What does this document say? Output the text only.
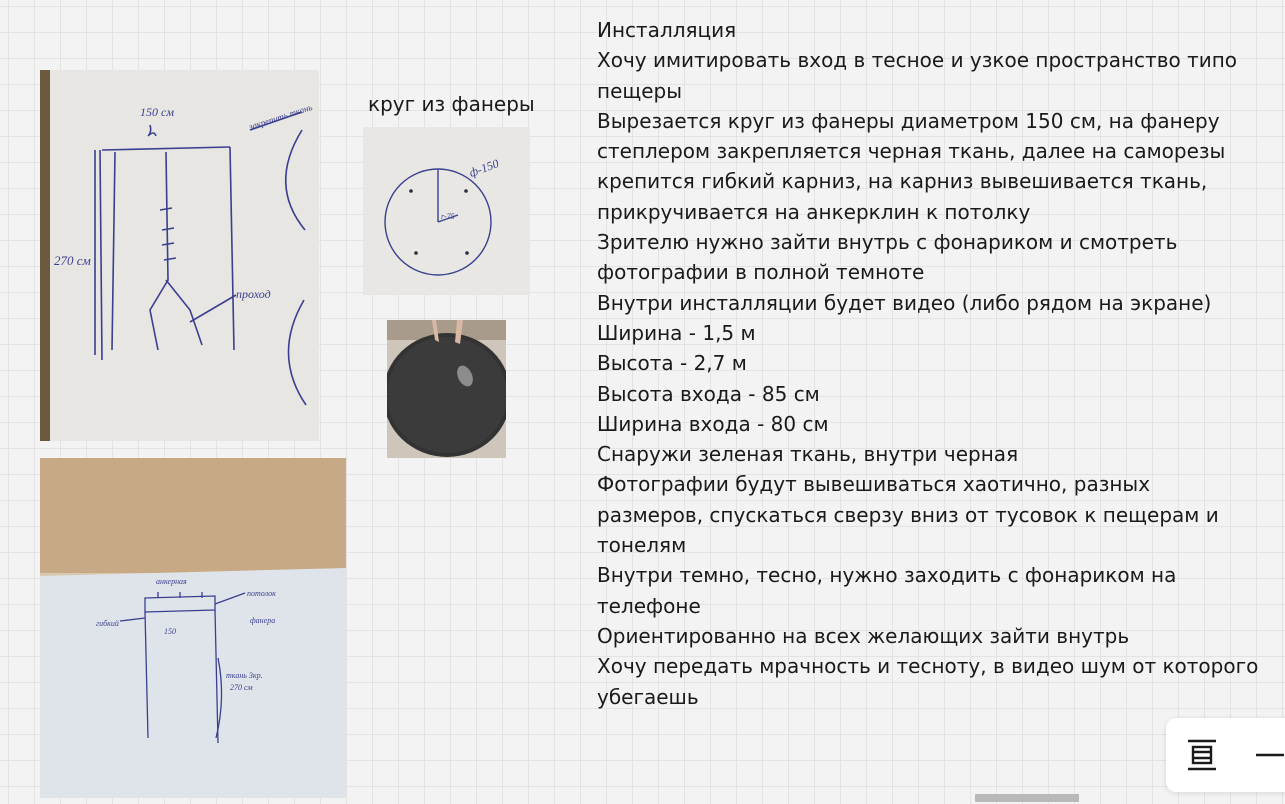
150 см
270 см
закрепить ткань
проход
круг из фанеры
ф-150
r-75
анкерная
потолок
гибкий	фанера
150
ткань 3кр.
270 см
Инсталляция
Хочу имитировать вход в тесное и узкое пространство типо
пещеры
Вырезается круг из фанеры диаметром 150 см, на фанеру
степлером закрепляется черная ткань, далее на саморезы
крепится гибкий карниз, на карниз вывешивается ткань,
прикручивается на анкерклин к потолку
Зрителю нужно зайти внутрь с фонариком и смотреть
фотографии в полной темноте
Внутри инсталляции будет видео (либо рядом на экране)
Ширина - 1,5 м
Высота - 2,7 м
Высота входа - 85 см
Ширина входа - 80 см
Снаружи зеленая ткань, внутри черная
Фотографии будут вывешиваться хаотично, разных
размеров, спускаться сверзу вниз от тусовок к пещерам и
тонелям
Внутри темно, тесно, нужно заходить с фонариком на
телефоне
Ориентированно на всех желающих зайти внутрь
Хочу передать мрачность и тесноту, в видео шум от которого
убегаешь
